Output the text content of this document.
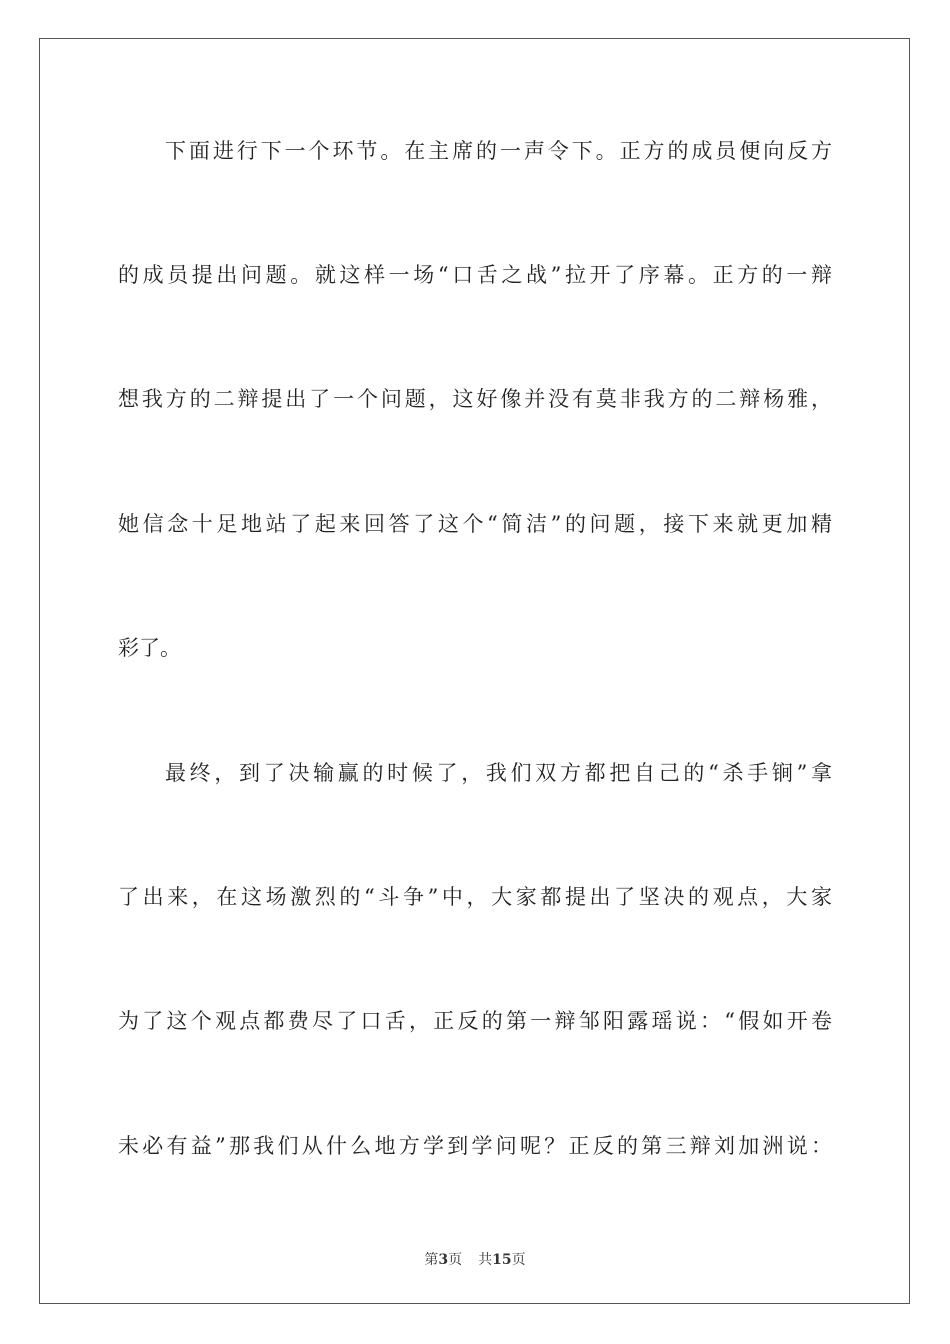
下面进行下一个环节。在主席的一声令下。正方的成员便向反方
的成员提出问题。就这样一场“口舌之战”拉开了序幕。正方的一辩
想我方的二辩提出了一个问题，这好像并没有莫非我方的二辩杨雅，
她信念十足地站了起来回答了这个“简洁”的问题，接下来就更加精
彩了。
最终，到了决输赢的时候了，我们双方都把自己的“杀手锏”拿
了出来，在这场激烈的“斗争”中，大家都提出了坚决的观点，大家
为了这个观点都费尽了口舌，正反的第一辩邹阳露瑶说：“假如开卷
未必有益”那我们从什么地方学到学问呢？正反的第三辩刘加洲说：
第3页 共15页
